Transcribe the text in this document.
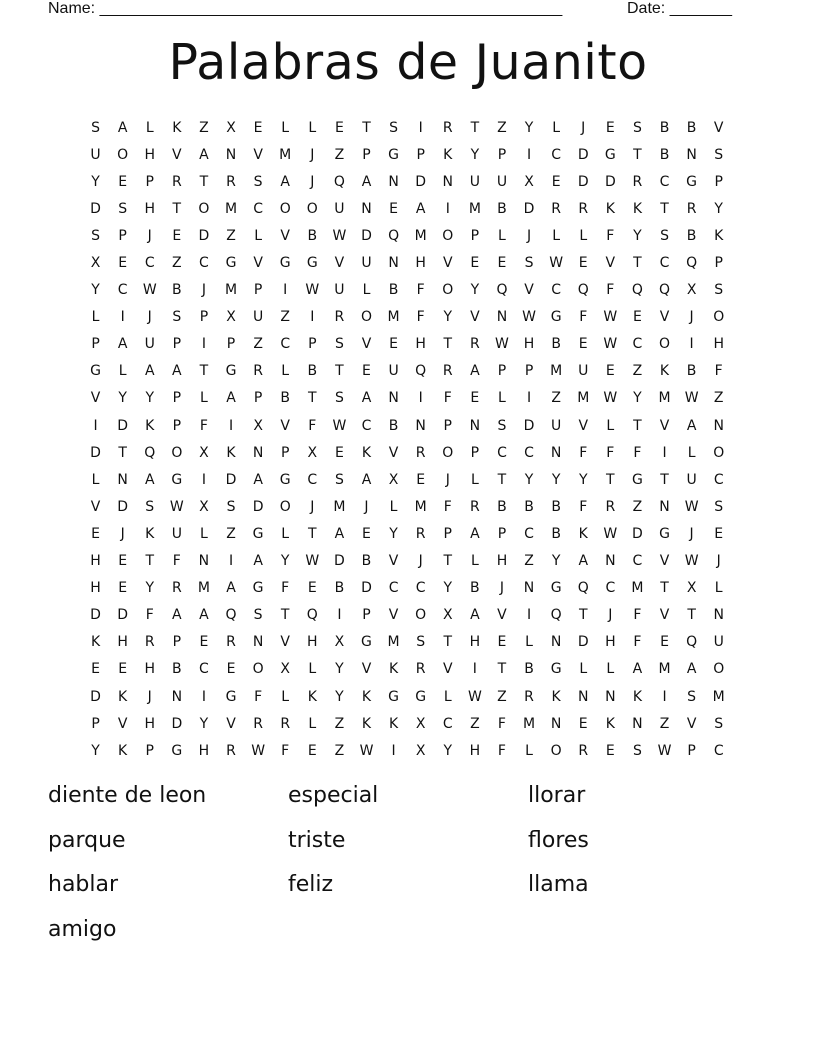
Name: ____________________________________________________

	Date: _______

Palabras de Juanito
S	A	L	K	Z	X	E	L	L	E	T	S	I	R	T	Z	Y	L	J	E	S	B	B	V
U	O	H	V	A	N	V	M	J	Z	P	G	P	K	Y	P	I	C	D	G	T	B	N	S
Y	E	P	R	T	R	S	A	J	Q	A	N	D	N	U	U	X	E	D	D	R	C	G	P
D	S	H	T	O	M	C	O	O	U	N	E	A	I	M	B	D	R	R	K	K	T	R	Y
S	P	J	E	D	Z	L	V	B	W	D	Q	M	O	P	L	J	L	L	F	Y	S	B	K
X	E	C	Z	C	G	V	G	G	V	U	N	H	V	E	E	S	W	E	V	T	C	Q	P
Y	C	W	B	J	M	P	I	W	U	L	B	F	O	Y	Q	V	C	Q	F	Q	Q	X	S
L	I	J	S	P	X	U	Z	I	R	O	M	F	Y	V	N	W	G	F	W	E	V	J	O
P	A	U	P	I	P	Z	C	P	S	V	E	H	T	R	W	H	B	E	W	C	O	I	H
G	L	A	A	T	G	R	L	B	T	E	U	Q	R	A	P	P	M	U	E	Z	K	B	F
V	Y	Y	P	L	A	P	B	T	S	A	N	I	F	E	L	I	Z	M	W	Y	M	W	Z
I	D	K	P	F	I	X	V	F	W	C	B	N	P	N	S	D	U	V	L	T	V	A	N
D	T	Q	O	X	K	N	P	X	E	K	V	R	O	P	C	C	N	F	F	F	I	L	O
L	N	A	G	I	D	A	G	C	S	A	X	E	J	L	T	Y	Y	Y	T	G	T	U	C
V	D	S	W	X	S	D	O	J	M	J	L	M	F	R	B	B	B	F	R	Z	N	W	S
E	J	K	U	L	Z	G	L	T	A	E	Y	R	P	A	P	C	B	K	W	D	G	J	E
H	E	T	F	N	I	A	Y	W	D	B	V	J	T	L	H	Z	Y	A	N	C	V	W	J
H	E	Y	R	M	A	G	F	E	B	D	C	C	Y	B	J	N	G	Q	C	M	T	X	L
D	D	F	A	A	Q	S	T	Q	I	P	V	O	X	A	V	I	Q	T	J	F	V	T	N
K	H	R	P	E	R	N	V	H	X	G	M	S	T	H	E	L	N	D	H	F	E	Q	U
E	E	H	B	C	E	O	X	L	Y	V	K	R	V	I	T	B	G	L	L	A	M	A	O
D	K	J	N	I	G	F	L	K	Y	K	G	G	L	W	Z	R	K	N	N	K	I	S	M
P	V	H	D	Y	V	R	R	L	Z	K	K	X	C	Z	F	M	N	E	K	N	Z	V	S
Y	K	P	G	H	R	W	F	E	Z	W	I	X	Y	H	F	L	O	R	E	S	W	P	C
diente de leon	especial	llorar
parque	triste	flores
hablar	feliz	llama
amigo
